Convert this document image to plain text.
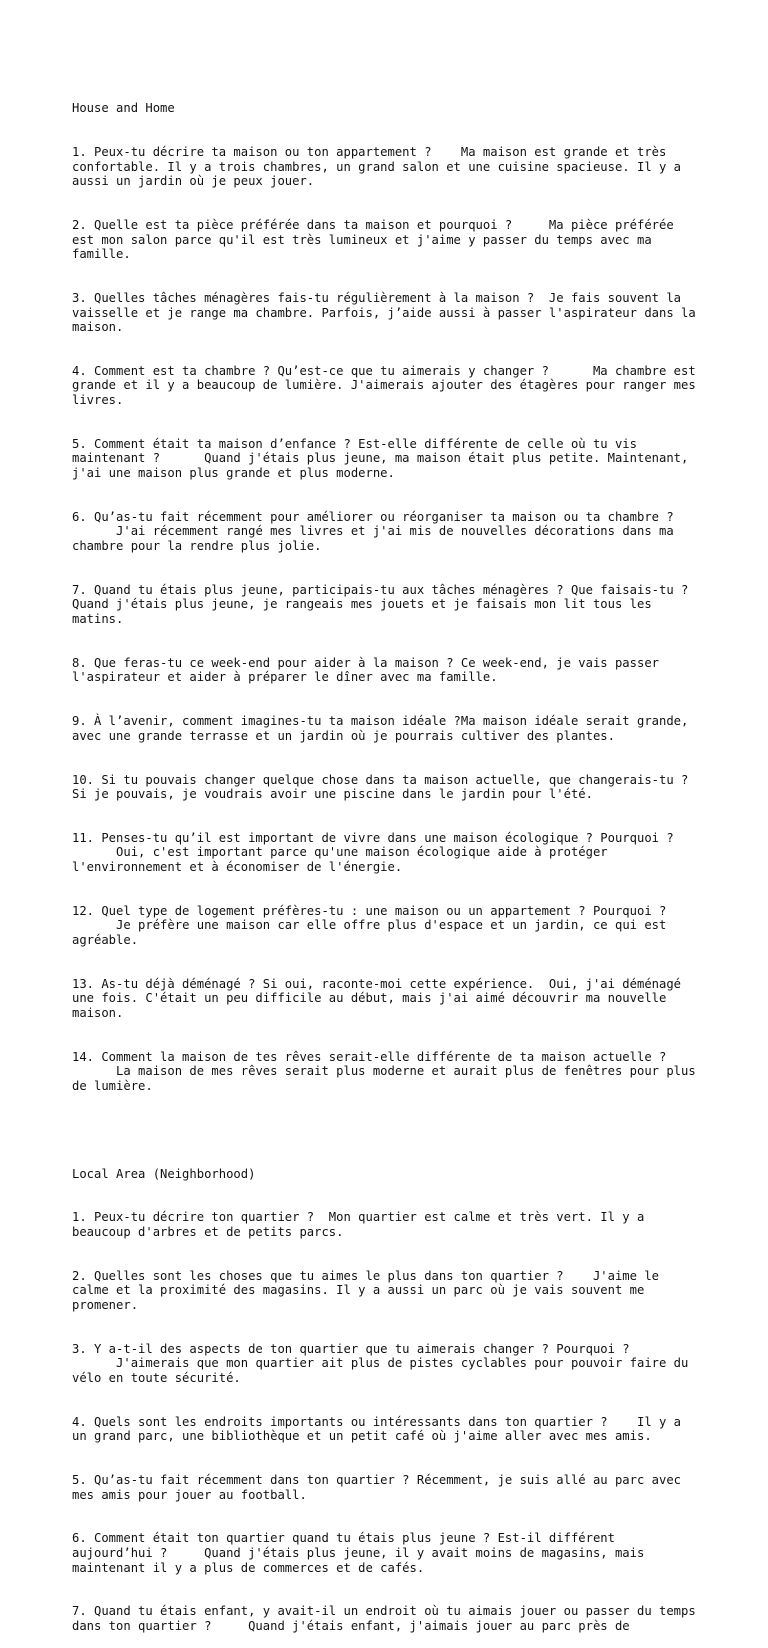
House and Home

1. Peux-tu décrire ta maison ou ton appartement ?    Ma maison est grande et très confortable. Il y a trois chambres, un grand salon et une cuisine spacieuse. Il y a aussi un jardin où je peux jouer.

2. Quelle est ta pièce préférée dans ta maison et pourquoi ?     Ma pièce préférée est mon salon parce qu'il est très lumineux et j'aime y passer du temps avec ma famille.

3. Quelles tâches ménagères fais-tu régulièrement à la maison ?  Je fais souvent la vaisselle et je range ma chambre. Parfois, j’aide aussi à passer l'aspirateur dans la maison.

4. Comment est ta chambre ? Qu’est-ce que tu aimerais y changer ?      Ma chambre est grande et il y a beaucoup de lumière. J'aimerais ajouter des étagères pour ranger mes livres.

5. Comment était ta maison d’enfance ? Est-elle différente de celle où tu vis maintenant ?      Quand j'étais plus jeune, ma maison était plus petite. Maintenant, j'ai une maison plus grande et plus moderne.

6. Qu’as-tu fait récemment pour améliorer ou réorganiser ta maison ou ta chambre ?
J'ai récemment rangé mes livres et j'ai mis de nouvelles décorations dans ma chambre pour la rendre plus jolie.

7. Quand tu étais plus jeune, participais-tu aux tâches ménagères ? Que faisais-tu ?  Quand j'étais plus jeune, je rangeais mes jouets et je faisais mon lit tous les matins.

8. Que feras-tu ce week-end pour aider à la maison ? Ce week-end, je vais passer l'aspirateur et aider à préparer le dîner avec ma famille.

9. À l’avenir, comment imagines-tu ta maison idéale ?Ma maison idéale serait grande, avec une grande terrasse et un jardin où je pourrais cultiver des plantes.

10. Si tu pouvais changer quelque chose dans ta maison actuelle, que changerais-tu ?  Si je pouvais, je voudrais avoir une piscine dans le jardin pour l'été.

11. Penses-tu qu’il est important de vivre dans une maison écologique ? Pourquoi ?
Oui, c'est important parce qu'une maison écologique aide à protéger l'environnement et à économiser de l'énergie.

12. Quel type de logement préfères-tu : une maison ou un appartement ? Pourquoi ?
Je préfère une maison car elle offre plus d'espace et un jardin, ce qui est agréable.

13. As-tu déjà déménagé ? Si oui, raconte-moi cette expérience.  Oui, j'ai déménagé une fois. C'était un peu difficile au début, mais j'ai aimé découvrir ma nouvelle maison.

14. Comment la maison de tes rêves serait-elle différente de ta maison actuelle ?
La maison de mes rêves serait plus moderne et aurait plus de fenêtres pour plus de lumière.

Local Area (Neighborhood)

1. Peux-tu décrire ton quartier ?  Mon quartier est calme et très vert. Il y a beaucoup d'arbres et de petits parcs.

2. Quelles sont les choses que tu aimes le plus dans ton quartier ?    J'aime le calme et la proximité des magasins. Il y a aussi un parc où je vais souvent me promener.

3. Y a-t-il des aspects de ton quartier que tu aimerais changer ? Pourquoi ?
J'aimerais que mon quartier ait plus de pistes cyclables pour pouvoir faire du vélo en toute sécurité.

4. Quels sont les endroits importants ou intéressants dans ton quartier ?    Il y a un grand parc, une bibliothèque et un petit café où j'aime aller avec mes amis.

5. Qu’as-tu fait récemment dans ton quartier ? Récemment, je suis allé au parc avec mes amis pour jouer au football.

6. Comment était ton quartier quand tu étais plus jeune ? Est-il différent aujourd’hui ?     Quand j'étais plus jeune, il y avait moins de magasins, mais maintenant il y a plus de commerces et de cafés.

7. Quand tu étais enfant, y avait-il un endroit où tu aimais jouer ou passer du temps dans ton quartier ?     Quand j'étais enfant, j'aimais jouer au parc près de
